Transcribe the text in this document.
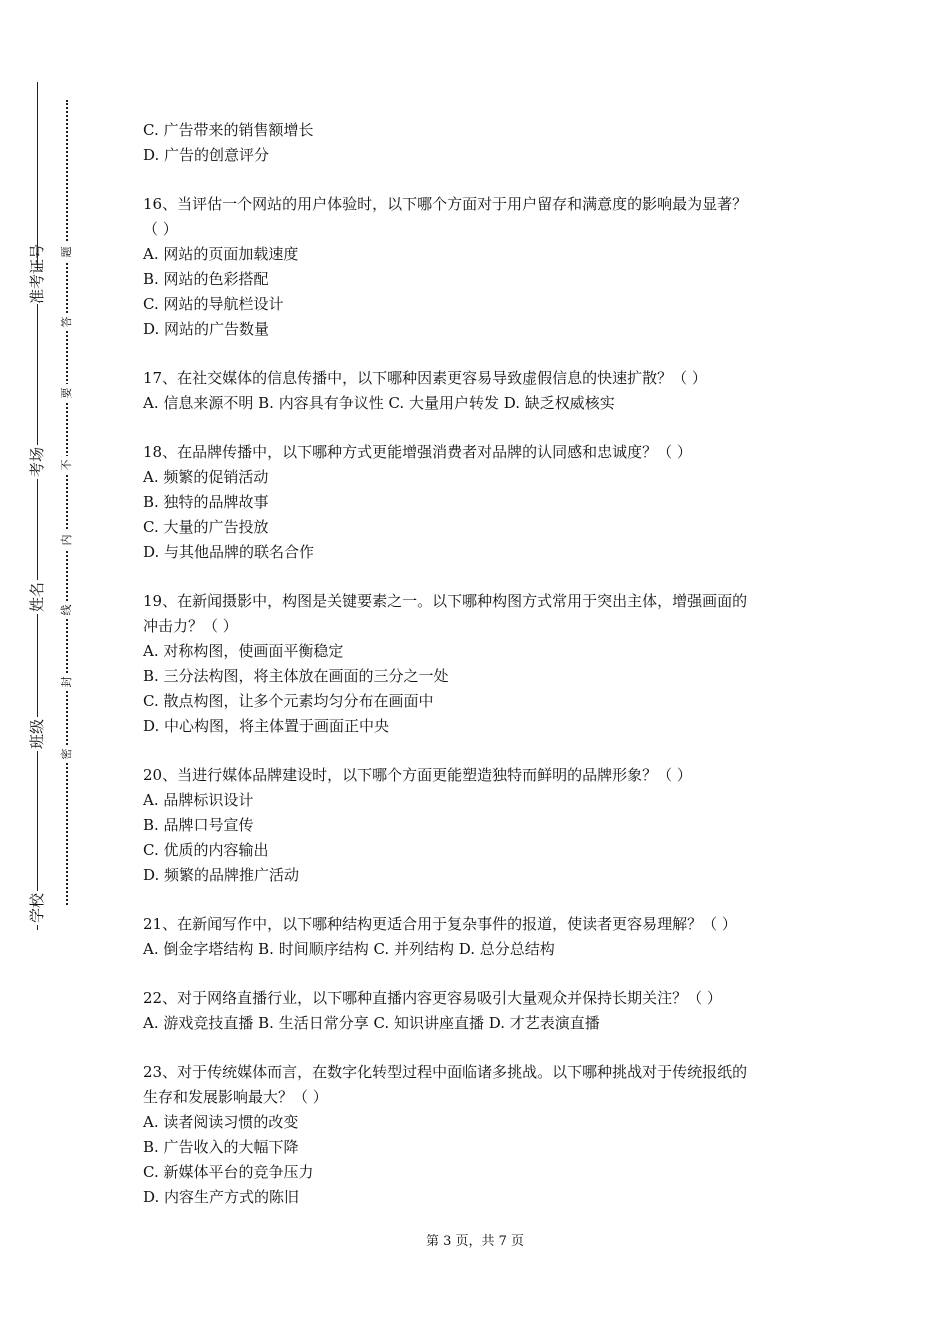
准考证号
考场
姓名
班级
学校
题
答
要
不
内
线
封
密
C. 广告带来的销售额增长
D. 广告的创意评分
16、当评估一个网站的用户体验时，以下哪个方面对于用户留存和满意度的影响最为显著？
（ ）
A. 网站的页面加载速度
B. 网站的色彩搭配
C. 网站的导航栏设计
D. 网站的广告数量
17、在社交媒体的信息传播中，以下哪种因素更容易导致虚假信息的快速扩散？（ ）
A. 信息来源不明 B. 内容具有争议性 C. 大量用户转发 D. 缺乏权威核实
18、在品牌传播中，以下哪种方式更能增强消费者对品牌的认同感和忠诚度？（ ）
A. 频繁的促销活动
B. 独特的品牌故事
C. 大量的广告投放
D. 与其他品牌的联名合作
19、在新闻摄影中，构图是关键要素之一。以下哪种构图方式常用于突出主体，增强画面的
冲击力？（ ）
A. 对称构图，使画面平衡稳定
B. 三分法构图，将主体放在画面的三分之一处
C. 散点构图，让多个元素均匀分布在画面中
D. 中心构图，将主体置于画面正中央
20、当进行媒体品牌建设时，以下哪个方面更能塑造独特而鲜明的品牌形象？（ ）
A. 品牌标识设计
B. 品牌口号宣传
C. 优质的内容输出
D. 频繁的品牌推广活动
21、在新闻写作中，以下哪种结构更适合用于复杂事件的报道，使读者更容易理解？（ ）
A. 倒金字塔结构 B. 时间顺序结构 C. 并列结构 D. 总分总结构
22、对于网络直播行业，以下哪种直播内容更容易吸引大量观众并保持长期关注？（ ）
A. 游戏竞技直播 B. 生活日常分享 C. 知识讲座直播 D. 才艺表演直播
23、对于传统媒体而言，在数字化转型过程中面临诸多挑战。以下哪种挑战对于传统报纸的
生存和发展影响最大？（ ）
A. 读者阅读习惯的改变
B. 广告收入的大幅下降
C. 新媒体平台的竞争压力
D. 内容生产方式的陈旧
第 3 页，共 7 页
